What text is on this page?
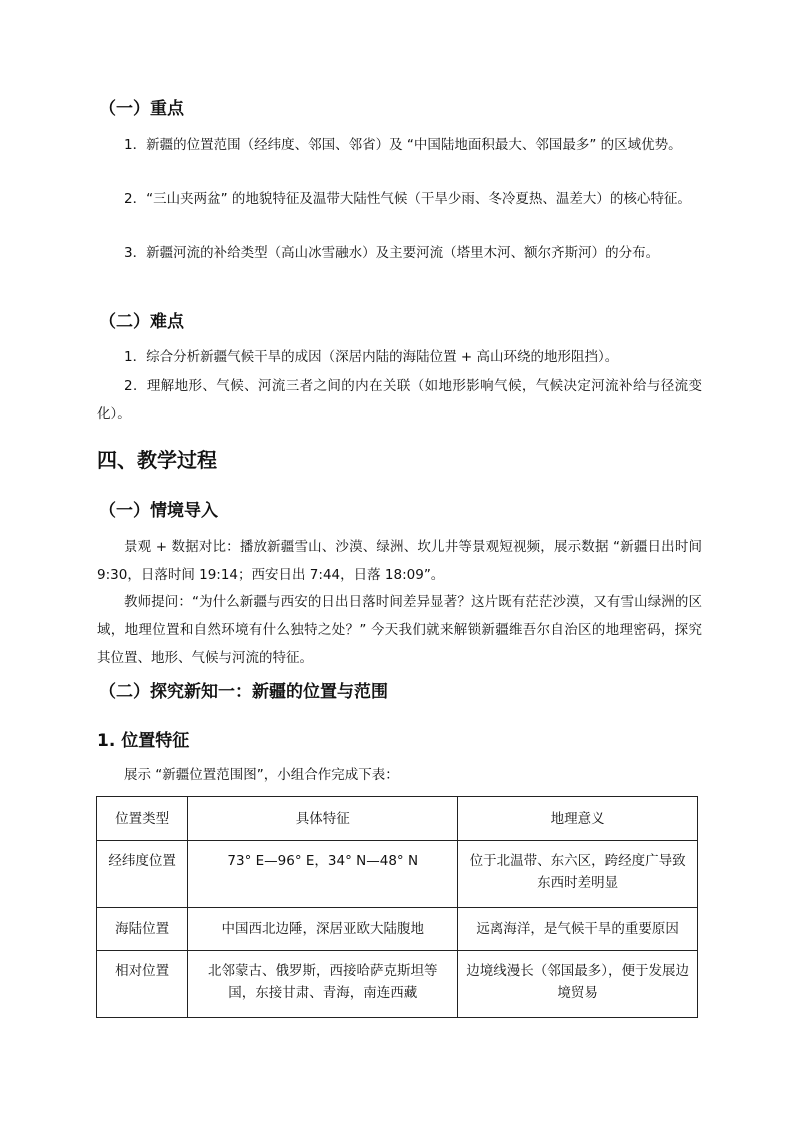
（一）重点

1．新疆的位置范围（经纬度、邻国、邻省）及 “中国陆地面积最大、邻国最多” 的区域优势。

2．“三山夹两盆” 的地貌特征及温带大陆性气候（干旱少雨、冬冷夏热、温差大）的核心特征。

3．新疆河流的补给类型（高山冰雪融水）及主要河流（塔里木河、额尔齐斯河）的分布。

（二）难点

1．综合分析新疆气候干旱的成因（深居内陆的海陆位置 + 高山环绕的地形阻挡）。

2．理解地形、气候、河流三者之间的内在关联（如地形影响气候，气候决定河流补给与径流变化）。

四、教学过程
（一）情境导入

景观 + 数据对比：播放新疆雪山、沙漠、绿洲、坎儿井等景观短视频，展示数据 “新疆日出时间 9:30，日落时间 19:14；西安日出 7:44，日落 18:09”。

教师提问：“为什么新疆与西安的日出日落时间差异显著？这片既有茫茫沙漠，又有雪山绿洲的区域，地理位置和自然环境有什么独特之处？” 今天我们就来解锁新疆维吾尔自治区的地理密码，探究其位置、地形、气候与河流的特征。

（二）探究新知一：新疆的位置与范围
1. 位置特征

展示 “新疆位置范围图”，小组合作完成下表：

位置类型	具体特征	地理意义
经纬度位置	73° E—96° E，34° N—48° N	位于北温带、东六区，跨经度广导致东西时差明显
海陆位置	中国西北边陲，深居亚欧大陆腹地	远离海洋，是气候干旱的重要原因
相对位置	北邻蒙古、俄罗斯，西接哈萨克斯坦等国，东接甘肃、青海，南连西藏	边境线漫长（邻国最多），便于发展边境贸易
